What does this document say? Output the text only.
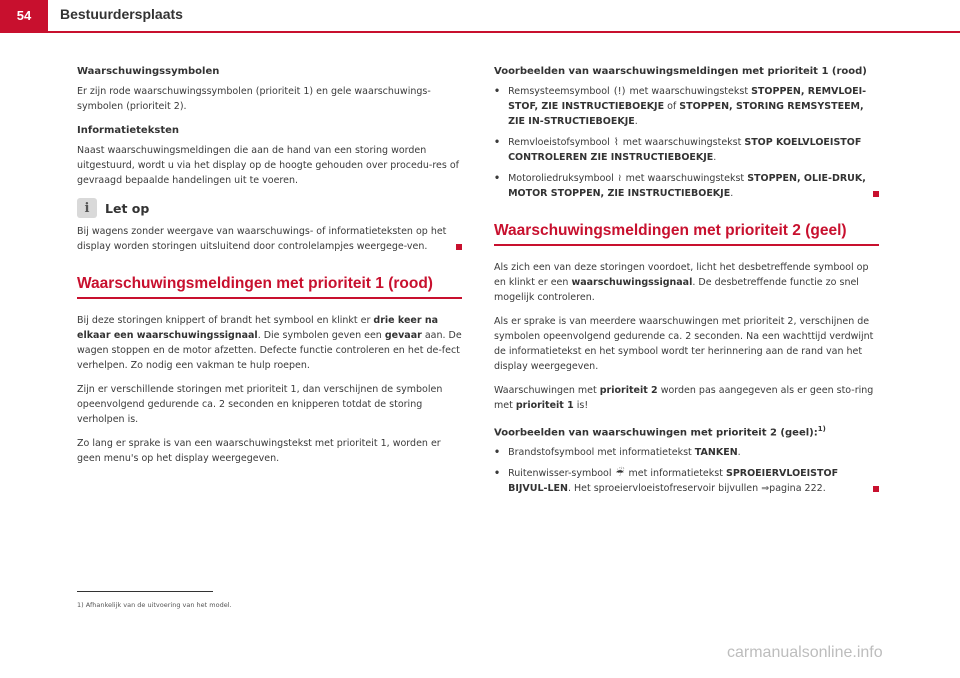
54	Bestuurdersplaats
Waarschuwingssymbolen

Er zijn rode waarschuwingssymbolen (prioriteit 1) en gele waarschuwings-symbolen (prioriteit 2).

Informatieteksten

Naast waarschuwingsmeldingen die aan de hand van een storing worden uitgestuurd, wordt u via het display op de hoogte gehouden over procedu-res of gevraagd bepaalde handelingen uit te voeren.

i	Let op

Bij wagens zonder weergave van waarschuwings- of informatieteksten op het display worden storingen uitsluitend door controlelampjes weergege-ven.

Waarschuwingsmeldingen met prioriteit 1 (rood)

Bij deze storingen knippert of brandt het symbool en klinkt er drie keer na elkaar een waarschuwingssignaal. Die symbolen geven een gevaar aan. De wagen stoppen en de motor afzetten. Defecte functie controleren en het de-fect verhelpen. Zo nodig een vakman te hulp roepen.

Zijn er verschillende storingen met prioriteit 1, dan verschijnen de symbolen opeenvolgend gedurende ca. 2 seconden en knipperen totdat de storing verholpen is.

Zo lang er sprake is van een waarschuwingstekst met prioriteit 1, worden er geen menu's op het display weergegeven.

Voorbeelden van waarschuwingsmeldingen met prioriteit 1 (rood)
• Remsysteemsymbool (!) met waarschuwingstekst STOPPEN, REMVLOEI-STOF, ZIE INSTRUCTIEBOEKJE of STOPPEN, STORING REMSYSTEEM, ZIE IN-STRUCTIEBOEKJE.
• Remvloeistofsymbool ⌇ met waarschuwingstekst STOP KOELVLOEISTOF CONTROLEREN ZIE INSTRUCTIEBOEKJE.
• Motoroliedruksymbool ≀ met waarschuwingstekst STOPPEN, OLIE-DRUK, MOTOR STOPPEN, ZIE INSTRUCTIEBOEKJE.
Waarschuwingsmeldingen met prioriteit 2 (geel)

Als zich een van deze storingen voordoet, licht het desbetreffende symbool op en klinkt er een waarschuwingssignaal. De desbetreffende functie zo snel mogelijk controleren.

Als er sprake is van meerdere waarschuwingen met prioriteit 2, verschijnen de symbolen opeenvolgend gedurende ca. 2 seconden. Na een wachttijd verdwijnt de informatietekst en het symbool wordt ter herinnering aan de rand van het display weergegeven.

Waarschuwingen met prioriteit 2 worden pas aangegeven als er geen sto-ring met prioriteit 1 is!

Voorbeelden van waarschuwingen met prioriteit 2 (geel):$^{1)}$
• Brandstofsymbool met informatietekst TANKEN.
• Ruitenwisser-symbool ☔ met informatietekst SPROEIERVLOEISTOF BIJVUL-LEN. Het sproeiervloeistofreservoir bijvullen ⇒pagina 222.
1) Afhankelijk van de uitvoering van het model.
carmanualsonline.info
